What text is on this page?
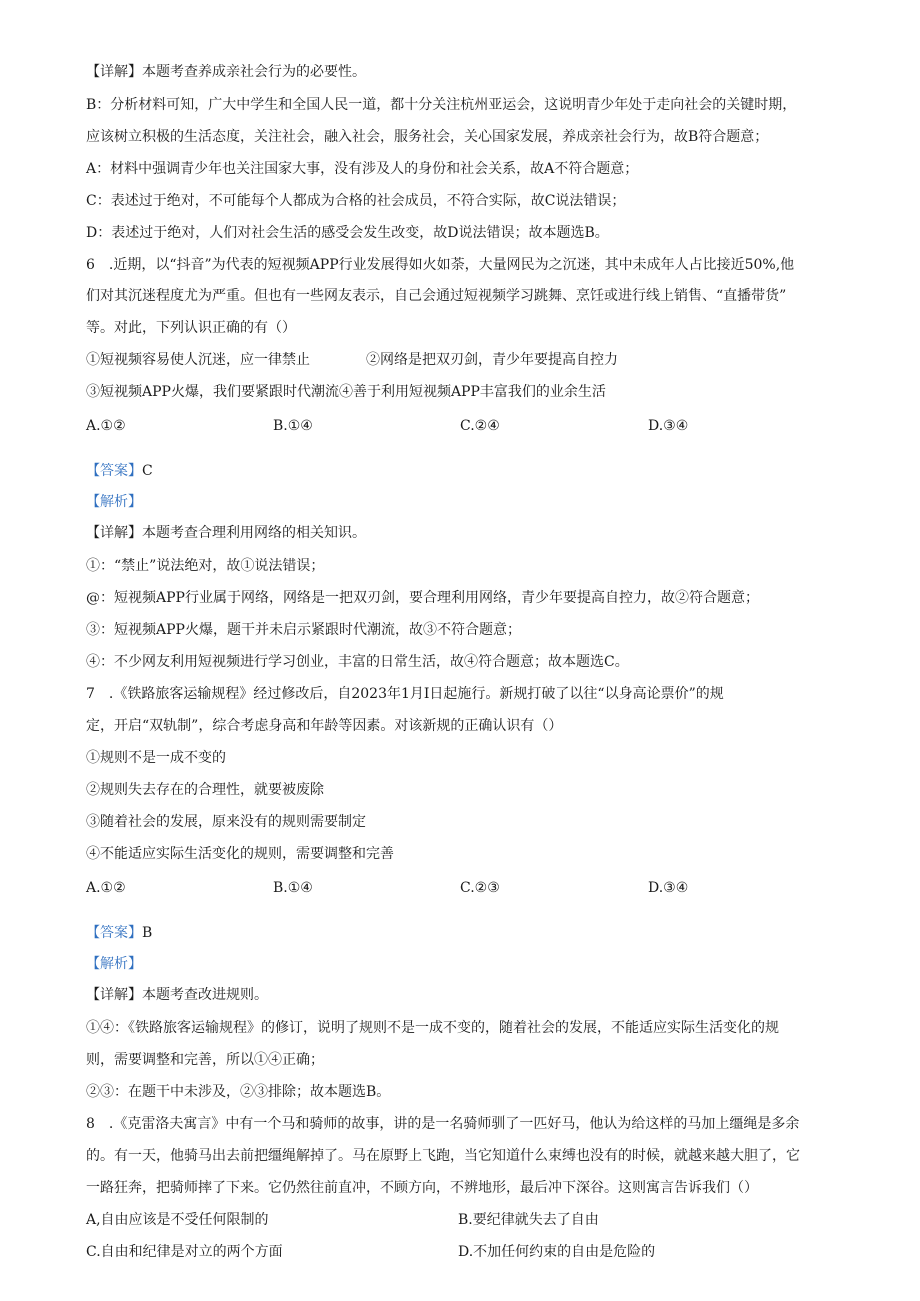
【详解】本题考查养成亲社会行为的必要性。
B：分析材料可知，广大中学生和全国人民一道，都十分关注杭州亚运会，这说明青少年处于走向社会的关键时期，
应该树立积极的生活态度，关注社会，融入社会，服务社会，关心国家发展，养成亲社会行为，故B符合题意；
A：材料中强调青少年也关注国家大事，没有涉及人的身份和社会关系，故A不符合题意；
C：表述过于绝对，不可能每个人都成为合格的社会成员，不符合实际，故C说法错误；
D：表述过于绝对，人们对社会生活的感受会发生改变，故D说法错误；故本题选B。
6　.近期，以“抖音”为代表的短视频APP行业发展得如火如荼，大量网民为之沉迷，其中未成年人占比接近50%,他
们对其沉迷程度尤为严重。但也有一些网友表示，自己会通过短视频学习跳舞、烹饪或进行线上销售、“直播带货”
等。对此，下列认识正确的有（）
①短视频容易使人沉迷，应一律禁止	②网络是把双刃剑，青少年要提高自控力
③短视频APP火爆，我们要紧跟时代潮流④善于利用短视频APP丰富我们的业余生活
A.①②	B.①④	C.②④	D.③④
【答案】C
【解析】
【详解】本题考查合理利用网络的相关知识。
①：“禁止”说法绝对，故①说法错误；
@：短视频APP行业属于网络，网络是一把双刃剑，要合理利用网络，青少年要提高自控力，故②符合题意；
③：短视频APP火爆，题干并未启示紧跟时代潮流，故③不符合题意；
④：不少网友利用短视频进行学习创业，丰富的日常生活，故④符合题意；故本题选C。
7　.《铁路旅客运输规程》经过修改后，自2023年1月I日起施行。新规打破了以往“以身高论票价”的规
定，开启“双轨制”，综合考虑身高和年龄等因素。对该新规的正确认识有（）
①规则不是一成不变的
②规则失去存在的合理性，就要被废除
③随着社会的发展，原来没有的规则需要制定
④不能适应实际生活变化的规则，需要调整和完善
A.①②	B.①④	C.②③	D.③④
【答案】B
【解析】
【详解】本题考查改进规则。
①④：《铁路旅客运输规程》的修订，说明了规则不是一成不变的，随着社会的发展，不能适应实际生活变化的规
则，需要调整和完善，所以①④正确；
②③：在题干中未涉及，②③排除；故本题选B。
8　.《克雷洛夫寓言》中有一个马和骑师的故事，讲的是一名骑师驯了一匹好马，他认为给这样的马加上缰绳是多余
的。有一天，他骑马出去前把缰绳解掉了。马在原野上飞跑，当它知道什么束缚也没有的时候，就越来越大胆了，它
一路狂奔，把骑师摔了下来。它仍然往前直冲，不顾方向，不辨地形，最后冲下深谷。这则寓言告诉我们（）
A,自由应该是不受任何限制的	B.要纪律就失去了自由
C.自由和纪律是对立的两个方面	D.不加任何约束的自由是危险的
